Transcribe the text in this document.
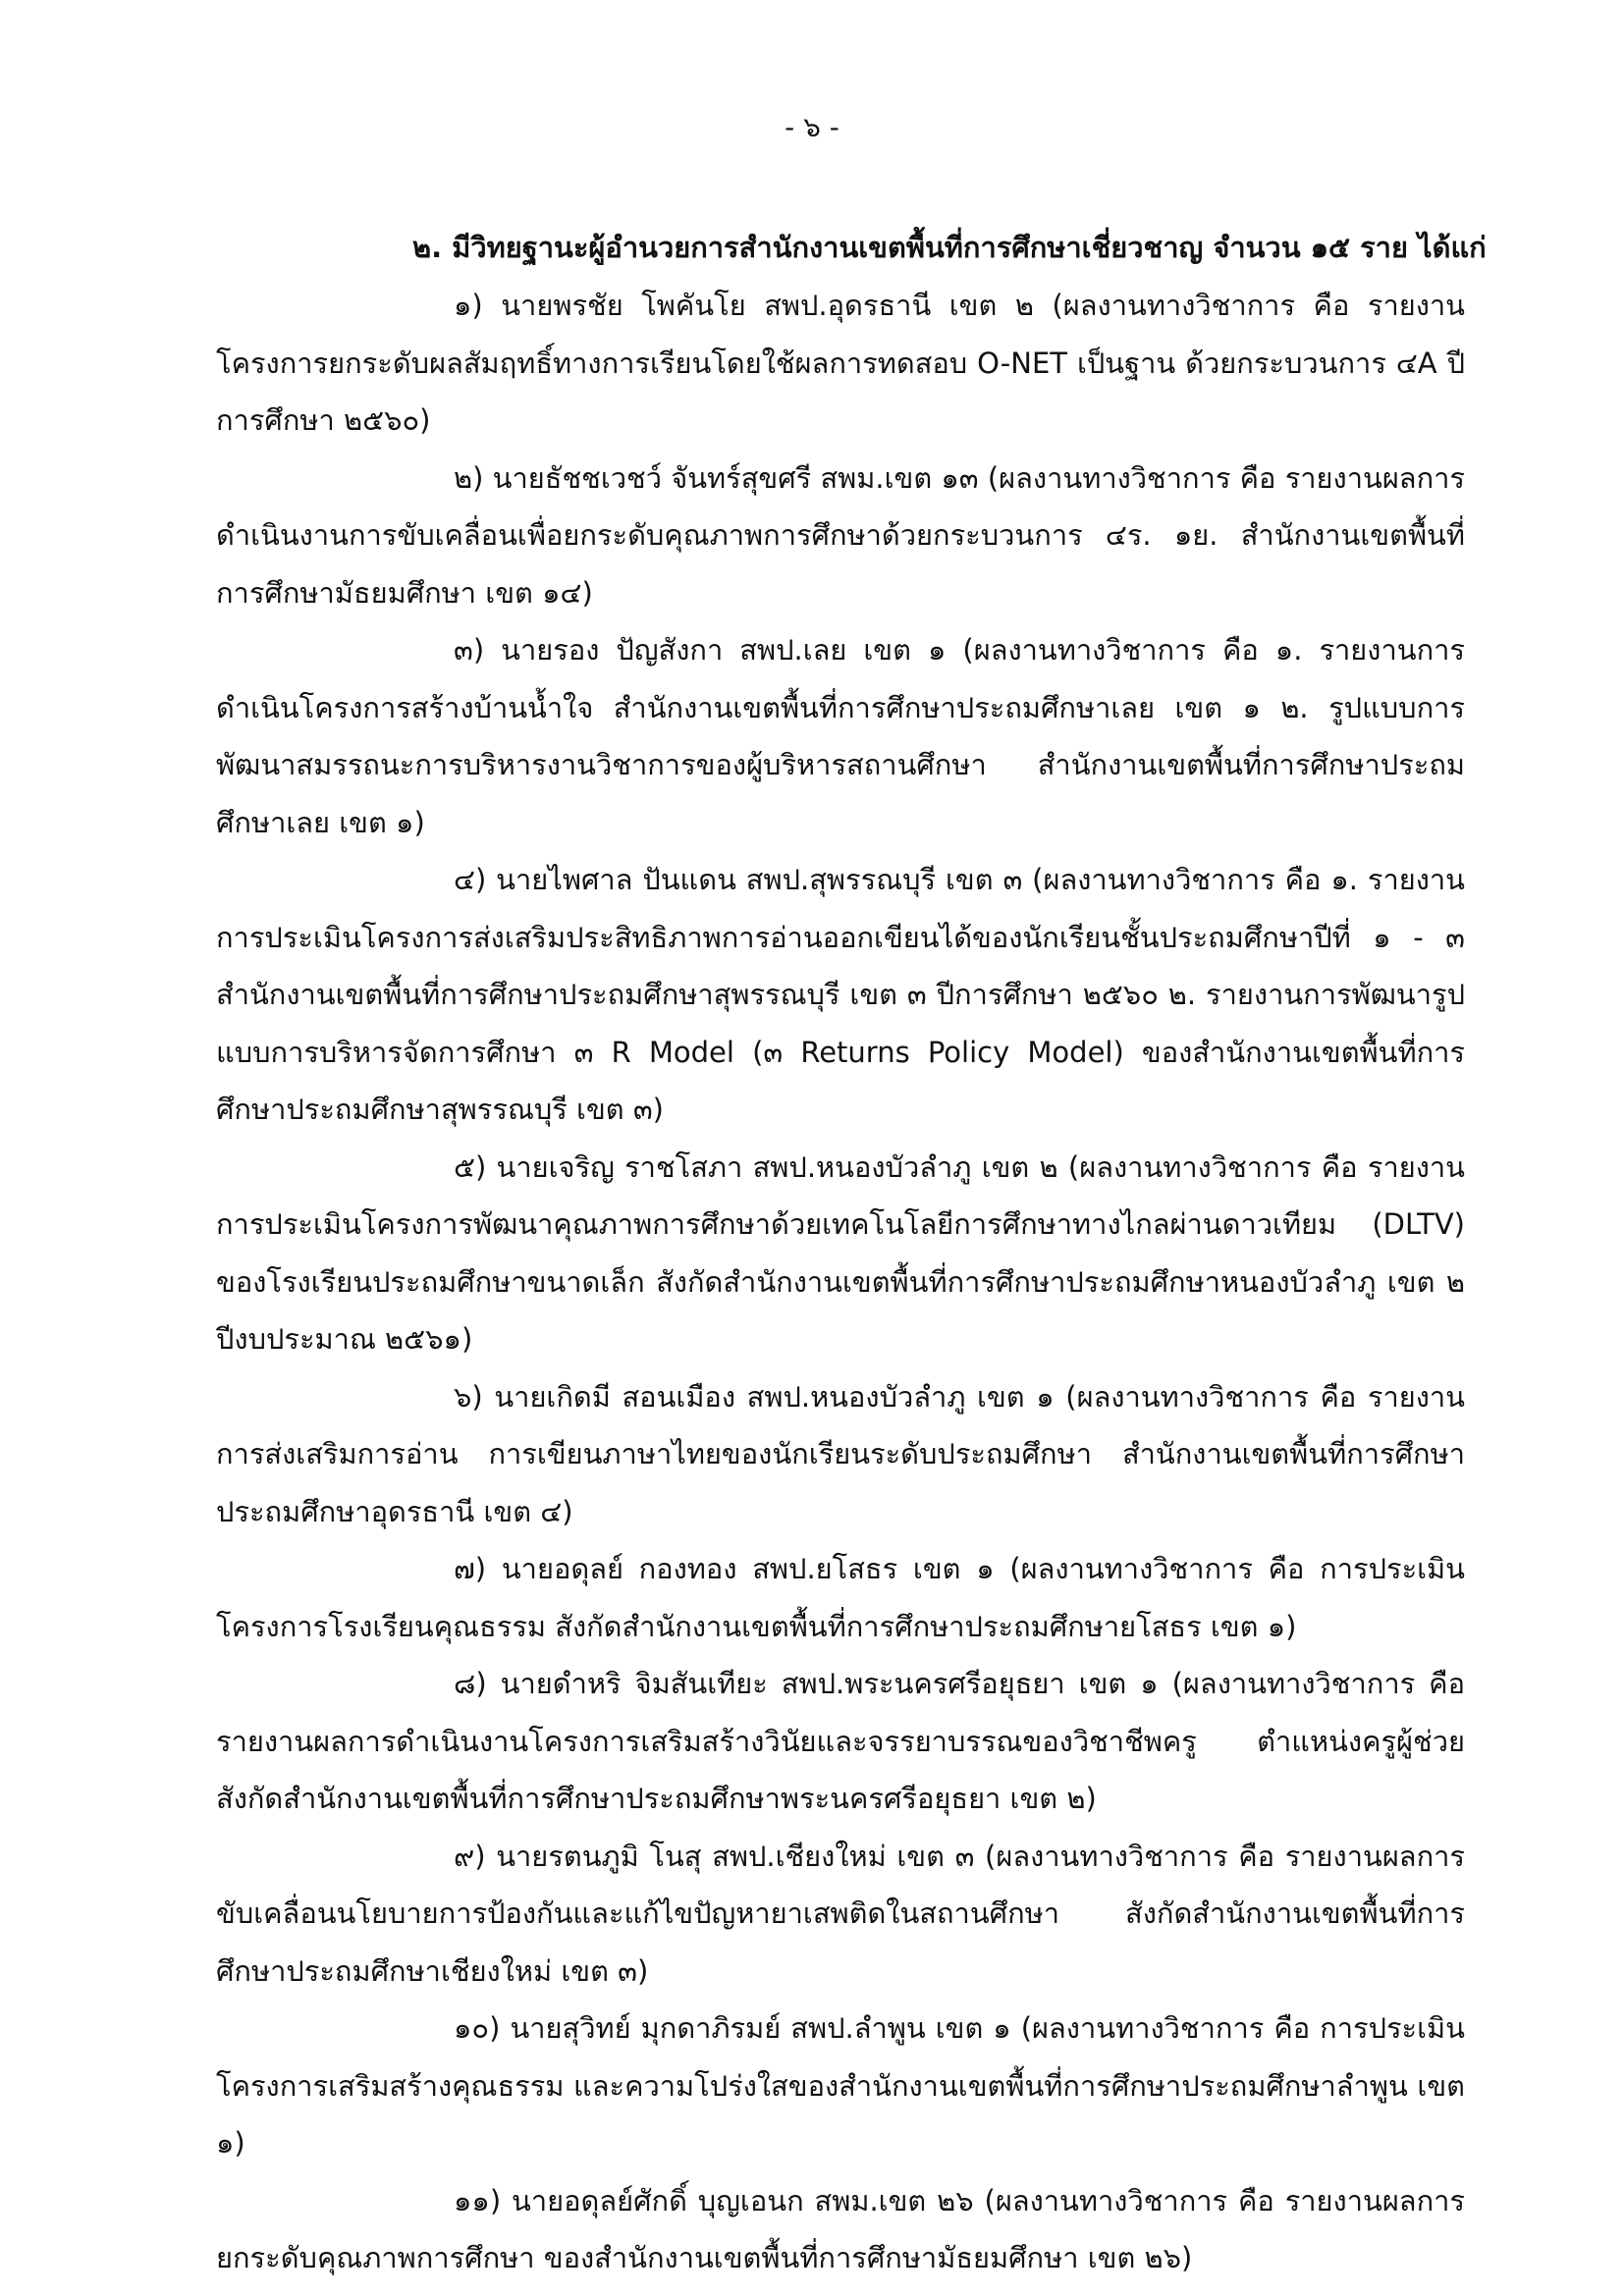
- ๖ -
๒. มีวิทยฐานะผู้อำนวยการสำนักงานเขตพื้นที่การศึกษาเชี่ยวชาญ จำนวน ๑๕ ราย ได้แก่

๑) นายพรชัย โพคันโย สพป.อุดรธานี เขต ๒ (ผลงานทางวิชาการ คือ รายงานโครงการยกระดับผลสัมฤทธิ์ทางการเรียนโดยใช้ผลการทดสอบ O-NET เป็นฐาน ด้วยกระบวนการ ๔A ปีการศึกษา ๒๕๖๐)

๒) นายธัชชเวชว์ จันทร์สุขศรี สพม.เขต ๑๓ (ผลงานทางวิชาการ คือ รายงานผลการดำเนินงานการขับเคลื่อนเพื่อยกระดับคุณภาพการศึกษาด้วยกระบวนการ ๔ร. ๑ย. สำนักงานเขตพื้นที่การศึกษามัธยมศึกษา เขต ๑๔)

๓) นายรอง ปัญสังกา สพป.เลย เขต ๑ (ผลงานทางวิชาการ คือ ๑. รายงานการดำเนินโครงการสร้างบ้านน้ำใจ สำนักงานเขตพื้นที่การศึกษาประถมศึกษาเลย เขต ๑ ๒. รูปแบบการพัฒนาสมรรถนะการบริหารงานวิชาการของผู้บริหารสถานศึกษา สำนักงานเขตพื้นที่การศึกษาประถมศึกษาเลย เขต ๑)

๔) นายไพศาล ปันแดน สพป.สุพรรณบุรี เขต ๓ (ผลงานทางวิชาการ คือ ๑. รายงานการประเมินโครงการส่งเสริมประสิทธิภาพการอ่านออกเขียนได้ของนักเรียนชั้นประถมศึกษาปีที่ ๑ - ๓ สำนักงานเขตพื้นที่การศึกษาประถมศึกษาสุพรรณบุรี เขต ๓ ปีการศึกษา ๒๕๖๐ ๒. รายงานการพัฒนารูปแบบการบริหารจัดการศึกษา ๓ R Model (๓ Returns Policy Model) ของสำนักงานเขตพื้นที่การศึกษาประถมศึกษาสุพรรณบุรี เขต ๓)

๕) นายเจริญ ราชโสภา สพป.หนองบัวลำภู เขต ๒ (ผลงานทางวิชาการ คือ รายงานการประเมินโครงการพัฒนาคุณภาพการศึกษาด้วยเทคโนโลยีการศึกษาทางไกลผ่านดาวเทียม (DLTV) ของโรงเรียนประถมศึกษาขนาดเล็ก สังกัดสำนักงานเขตพื้นที่การศึกษาประถมศึกษาหนองบัวลำภู เขต ๒ ปีงบประมาณ ๒๕๖๑)

๖) นายเกิดมี สอนเมือง สพป.หนองบัวลำภู เขต ๑ (ผลงานทางวิชาการ คือ รายงานการส่งเสริมการอ่าน การเขียนภาษาไทยของนักเรียนระดับประถมศึกษา สำนักงานเขตพื้นที่การศึกษาประถมศึกษาอุดรธานี เขต ๔)

๗) นายอดุลย์ กองทอง สพป.ยโสธร เขต ๑ (ผลงานทางวิชาการ คือ การประเมินโครงการโรงเรียนคุณธรรม สังกัดสำนักงานเขตพื้นที่การศึกษาประถมศึกษายโสธร เขต ๑)

๘) นายดำหริ จิมสันเทียะ สพป.พระนครศรีอยุธยา เขต ๑ (ผลงานทางวิชาการ คือ รายงานผลการดำเนินงานโครงการเสริมสร้างวินัยและจรรยาบรรณของวิชาชีพครู ตำแหน่งครูผู้ช่วย สังกัดสำนักงานเขตพื้นที่การศึกษาประถมศึกษาพระนครศรีอยุธยา เขต ๒)

๙) นายรตนภูมิ โนสุ สพป.เชียงใหม่ เขต ๓ (ผลงานทางวิชาการ คือ รายงานผลการขับเคลื่อนนโยบายการป้องกันและแก้ไขปัญหายาเสพติดในสถานศึกษา สังกัดสำนักงานเขตพื้นที่การศึกษาประถมศึกษาเชียงใหม่ เขต ๓)

๑๐) นายสุวิทย์ มุกดาภิรมย์ สพป.ลำพูน เขต ๑ (ผลงานทางวิชาการ คือ การประเมินโครงการเสริมสร้างคุณธรรม และความโปร่งใสของสำนักงานเขตพื้นที่การศึกษาประถมศึกษาลำพูน เขต ๑)

๑๑) นายอดุลย์ศักดิ์ บุญเอนก สพม.เขต ๒๖ (ผลงานทางวิชาการ คือ รายงานผลการยกระดับคุณภาพการศึกษา ของสำนักงานเขตพื้นที่การศึกษามัธยมศึกษา เขต ๒๖)
